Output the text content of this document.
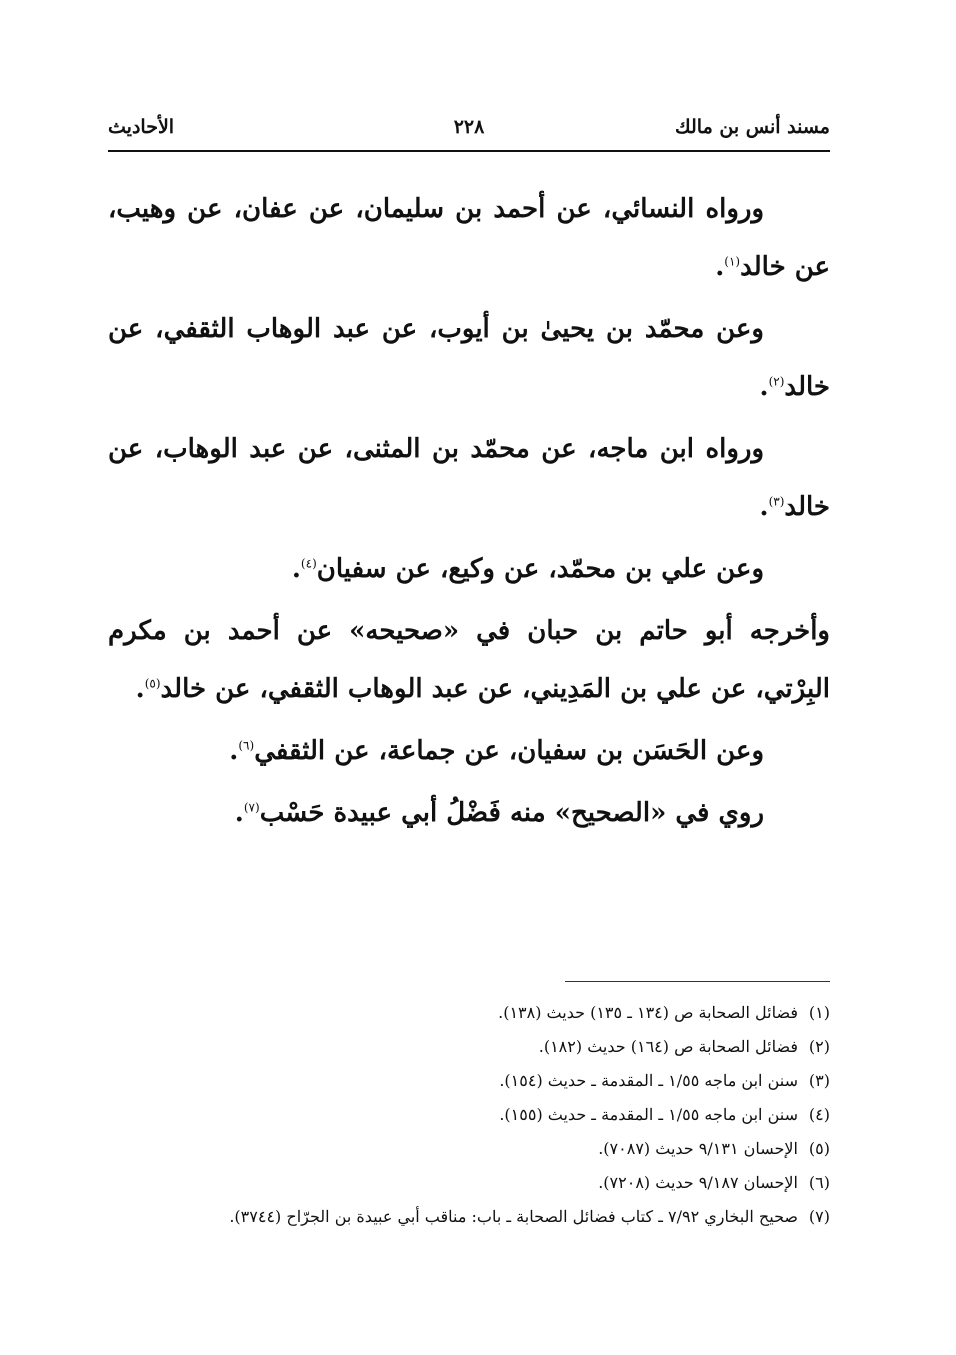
مسند أنس بن مالك
٢٢٨
الأحاديث

ورواه النسائي، عن أحمد بن سليمان، عن عفان، عن وهيب، عن خالد$^{(١)}$.

وعن محمّد بن يحيىٰ بن أيوب، عن عبد الوهاب الثقفي، عن خالد$^{(٢)}$.

ورواه ابن ماجه، عن محمّد بن المثنى، عن عبد الوهاب، عن خالد$^{(٣)}$.

وعن علي بن محمّد، عن وكيع، عن سفيان$^{(٤)}$.

وأخرجه أبو حاتم بن حبان في «صحيحه» عن أحمد بن مكرم البِرْتي، عن علي بن المَدِيني، عن عبد الوهاب الثقفي، عن خالد$^{(٥)}$.

وعن الحَسَن بن سفيان، عن جماعة، عن الثقفي$^{(٦)}$.

روي في «الصحيح» منه فَضْلُ أبي عبيدة حَسْب$^{(٧)}$.

(١)
فضائل الصحابة ص (١٣٤ ـ ١٣٥) حديث (١٣٨).
(٢)
فضائل الصحابة ص (١٦٤) حديث (١٨٢).
(٣)
سنن ابن ماجه ١/٥٥ ـ المقدمة ـ حديث (١٥٤).
(٤)
سنن ابن ماجه ١/٥٥ ـ المقدمة ـ حديث (١٥٥).
(٥)
الإحسان ٩/١٣١ حديث (٧٠٨٧).
(٦)
الإحسان ٩/١٨٧ حديث (٧٢٠٨).
(٧)
صحيح البخاري ٧/٩٢ ـ كتاب فضائل الصحابة ـ باب: مناقب أبي عبيدة بن الجرّاح (٣٧٤٤).
